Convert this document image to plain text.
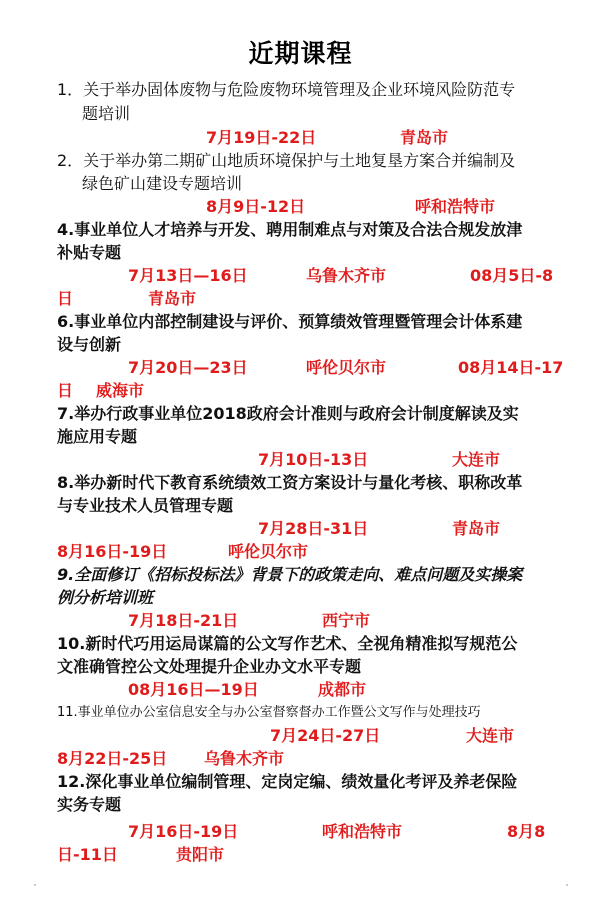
近期课程
1．关于举办固体废物与危险废物环境管理及企业环境风险防范专
题培训
7月19日-22日	青岛市
2．关于举办第二期矿山地质环境保护与土地复垦方案合并编制及
绿色矿山建设专题培训
8月9日-12日	呼和浩特市
4.事业单位人才培养与开发、聘用制难点与对策及合法合规发放津
补贴专题
7月13日—16日	乌鲁木齐市	08月5日-8
日	青岛市
6.事业单位内部控制建设与评价、预算绩效管理暨管理会计体系建
设与创新
7月20日—23日	呼伦贝尔市	08月14日-17
日 威海市
7.举办行政事业单位2018政府会计准则与政府会计制度解读及实
施应用专题
7月10日-13日	大连市
8.举办新时代下教育系统绩效工资方案设计与量化考核、职称改革
与专业技术人员管理专题
7月28日-31日	青岛市
8月16日-19日	呼伦贝尔市
9.全面修订《招标投标法》背景下的政策走向、难点问题及实操案
例分析培训班
7月18日-21日	西宁市
10.新时代巧用运局谋篇的公文写作艺术、全视角精准拟写规范公
文准确管控公文处理提升企业办文水平专题
08月16日—19日	成都市
11.事业单位办公室信息安全与办公室督察督办工作暨公文写作与处理技巧
7月24日-27日	大连市
8月22日-25日 乌鲁木齐市
12.深化事业单位编制管理、定岗定编、绩效量化考评及养老保险
实务专题
7月16日-19日	呼和浩特市	8月8
日-11日	贵阳市
